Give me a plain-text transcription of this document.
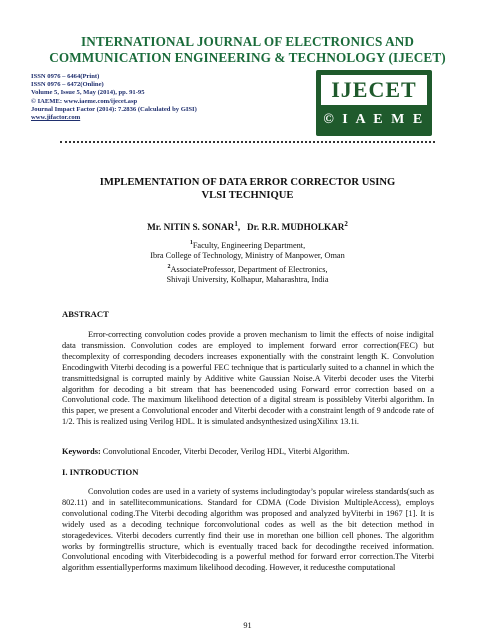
INTERNATIONAL JOURNAL OF ELECTRONICS AND COMMUNICATION ENGINEERING & TECHNOLOGY (IJECET)
ISSN 0976 – 6464(Print)
ISSN 0976 – 6472(Online)
Volume 5, Issue 5, May (2014), pp. 91-95
© IAEME: www.iaeme.com/ijecet.asp
Journal Impact Factor (2014): 7.2836 (Calculated by GISI)
www.jifactor.com
IJECET
© I A E M E
IMPLEMENTATION OF DATA ERROR CORRECTOR USING VLSI TECHNIQUE
Mr. NITIN S. SONAR$^1$, Dr. R.R. MUDHOLKAR$^2$
$^1$Faculty, Engineering Department,
Ibra College of Technology, Ministry of Manpower, Oman
$^2$AssociateProfessor, Department of Electronics,
Shivaji University, Kolhapur, Maharashtra, India
ABSTRACT
Error-correcting convolution codes provide a proven mechanism to limit the effects of noise indigital data transmission. Convolution codes are employed to implement forward error correction(FEC) but thecomplexity of corresponding decoders increases exponentially with the constraint length K. Convolution Encodingwith Viterbi decoding is a powerful FEC technique that is particularly suited to a channel in which the transmittedsignal is corrupted mainly by Additive white Gaussian Noise.A Viterbi decoder uses the Viterbi algorithm for decoding a bit stream that has beenencoded using Forward error correction based on a Convolutional code. The maximum likelihood detection of a digital stream is possibleby Viterbi algorithm. In this paper, we present a Convolutional encoder and Viterbi decoder with a constraint length of 9 andcode rate of 1/2. This is realized using Verilog HDL. It is simulated andsynthesized usingXilinx 13.1i.
Keywords: Convolutional Encoder, Viterbi Decoder, Verilog HDL, Viterbi Algorithm.
I. INTRODUCTION
Convolution codes are used in a variety of systems includingtoday’s popular wireless standards(such as 802.11) and in satellitecommunications. Standard for CDMA (Code Division MultipleAccess), employs convolutional coding.The Viterbi decoding algorithm was proposed and analyzed byViterbi in 1967 [1]. It is widely used as a decoding technique forconvolutional codes as well as the bit detection method in storagedevices. Viterbi decoders currently find their use in morethan one billion cell phones. The algorithm works by formingtrellis structure, which is eventually traced back for decodingthe received information. Convolutional encoding with Viterbidecoding is a powerful method for forward error correction.The Viterbi algorithm essentiallyperforms maximum likelihood decoding. However, it reducesthe computational
91
